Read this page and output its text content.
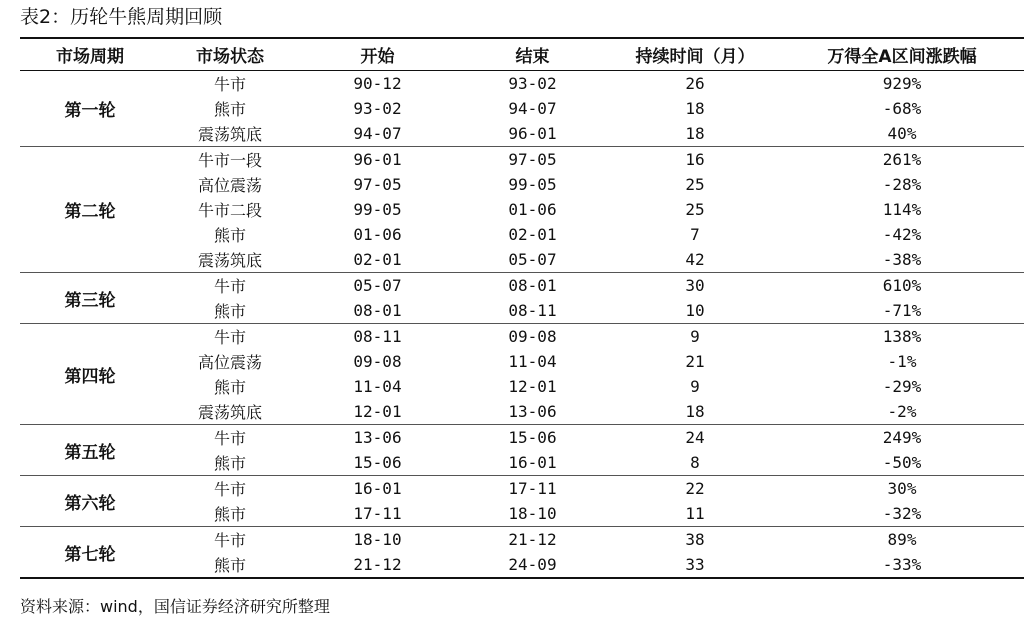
表2：历轮牛熊周期回顾
市场周期	市场状态	开始	结束	持续时间（月）	万得全A区间涨跌幅
第一轮
牛市	90-12	93-02	26	929%
熊市	93-02	94-07	18	-68%
震荡筑底	94-07	96-01	18	40%
第二轮
牛市一段	96-01	97-05	16	261%
高位震荡	97-05	99-05	25	-28%
牛市二段	99-05	01-06	25	114%
熊市	01-06	02-01	7	-42%
震荡筑底	02-01	05-07	42	-38%
第三轮
牛市	05-07	08-01	30	610%
熊市	08-01	08-11	10	-71%
第四轮
牛市	08-11	09-08	9	138%
高位震荡	09-08	11-04	21	-1%
熊市	11-04	12-01	9	-29%
震荡筑底	12-01	13-06	18	-2%
第五轮
牛市	13-06	15-06	24	249%
熊市	15-06	16-01	8	-50%
第六轮
牛市	16-01	17-11	22	30%
熊市	17-11	18-10	11	-32%
第七轮
牛市	18-10	21-12	38	89%
熊市	21-12	24-09	33	-33%
资料来源：wind，国信证券经济研究所整理
